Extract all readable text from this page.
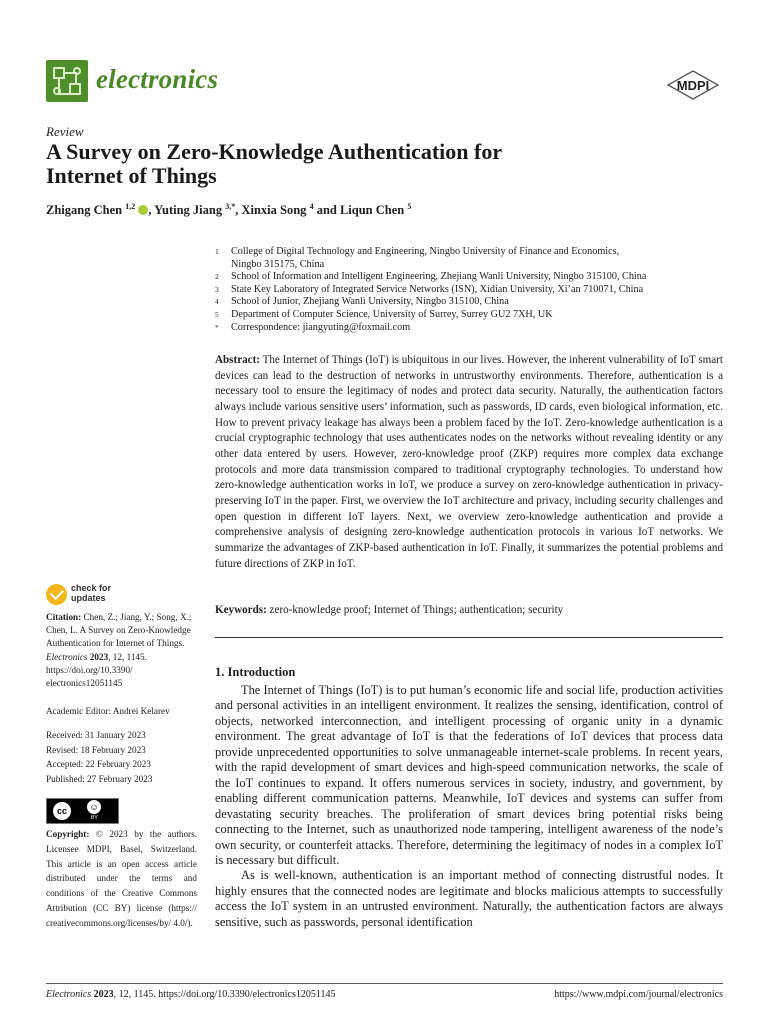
electronics	MDPI
Review
A Survey on Zero-Knowledge Authentication for
Internet of Things
Zhigang Chen $^{1,2}$ , Yuting Jiang $^{3,*}$, Xinxia Song $^4$ and Liqun Chen $^5$
1	College of Digital Technology and Engineering, Ningbo University of Finance and Economics,
Ningbo 315175, China
2	School of Information and Intelligent Engineering, Zhejiang Wanli University, Ningbo 315100, China
3	State Key Laboratory of Integrated Service Networks (ISN), Xidian University, Xi’an 710071, China
4	School of Junior, Zhejiang Wanli University, Ningbo 315100, China
5	Department of Computer Science, University of Surrey, Surrey GU2 7XH, UK
*	Correspondence: jiangyuting@foxmail.com
Abstract: The Internet of Things (IoT) is ubiquitous in our lives. However, the inherent vulnerability of IoT smart devices can lead to the destruction of networks in untrustworthy environments. Therefore, authentication is a necessary tool to ensure the legitimacy of nodes and protect data security. Naturally, the authentication factors always include various sensitive users’ information, such as passwords, ID cards, even biological information, etc. How to prevent privacy leakage has always been a problem faced by the IoT. Zero-knowledge authentication is a crucial cryptographic technology that uses authenticates nodes on the networks without revealing identity or any other data entered by users. However, zero-knowledge proof (ZKP) requires more complex data exchange protocols and more data transmission compared to traditional cryptography technologies. To understand how zero-knowledge authentication works in IoT, we produce a survey on zero-knowledge authentication in privacy-preserving IoT in the paper. First, we overview the IoT architecture and privacy, including security challenges and open question in different IoT layers. Next, we overview zero-knowledge authentication and provide a comprehensive analysis of designing zero-knowledge authentication protocols in various IoT networks. We summarize the advantages of ZKP-based authentication in IoT. Finally, it summarizes the potential problems and future directions of ZKP in IoT.
Keywords: zero-knowledge proof; Internet of Things; authentication; security
check for
updates
Citation: Chen, Z.; Jiang, Y.; Song, X.; Chen, L. A Survey on Zero-Knowledge Authentication for Internet of Things. Electronics 2023, 12, 1145. https://doi.org/10.3390/ electronics12051145
Academic Editor: Andrei Kelarev
Received: 31 January 2023
Revised: 18 February 2023
Accepted: 22 February 2023
Published: 27 February 2023
cc	☺
BY
Copyright: © 2023 by the authors. Licensee MDPI, Basel, Switzerland. This article is an open access article distributed under the terms and conditions of the Creative Commons Attribution (CC BY) license (https:// creativecommons.org/licenses/by/ 4.0/).
1. Introduction

The Internet of Things (IoT) is to put human’s economic life and social life, production activities and personal activities in an intelligent environment. It realizes the sensing, identification, control of objects, networked interconnection, and intelligent processing of organic unity in a dynamic environment. The great advantage of IoT is that the federations of IoT devices that process data provide unprecedented opportunities to solve unmanageable internet-scale problems. In recent years, with the rapid development of smart devices and high-speed communication networks, the scale of the IoT continues to expand. It offers numerous services in society, industry, and government, by enabling different communication patterns. Meanwhile, IoT devices and systems can suffer from devastating security breaches. The proliferation of smart devices bring potential risks being connecting to the Internet, such as unauthorized node tampering, intelligent awareness of the node’s own security, or counterfeit attacks. Therefore, determining the legitimacy of nodes in a complex IoT is necessary but difficult.

As is well-known, authentication is an important method of connecting distrustful nodes. It highly ensures that the connected nodes are legitimate and blocks malicious attempts to successfully access the IoT system in an untrusted environment. Naturally, the authentication factors are always sensitive, such as passwords, personal identification

Electronics 2023, 12, 1145. https://doi.org/10.3390/electronics12051145	https://www.mdpi.com/journal/electronics
